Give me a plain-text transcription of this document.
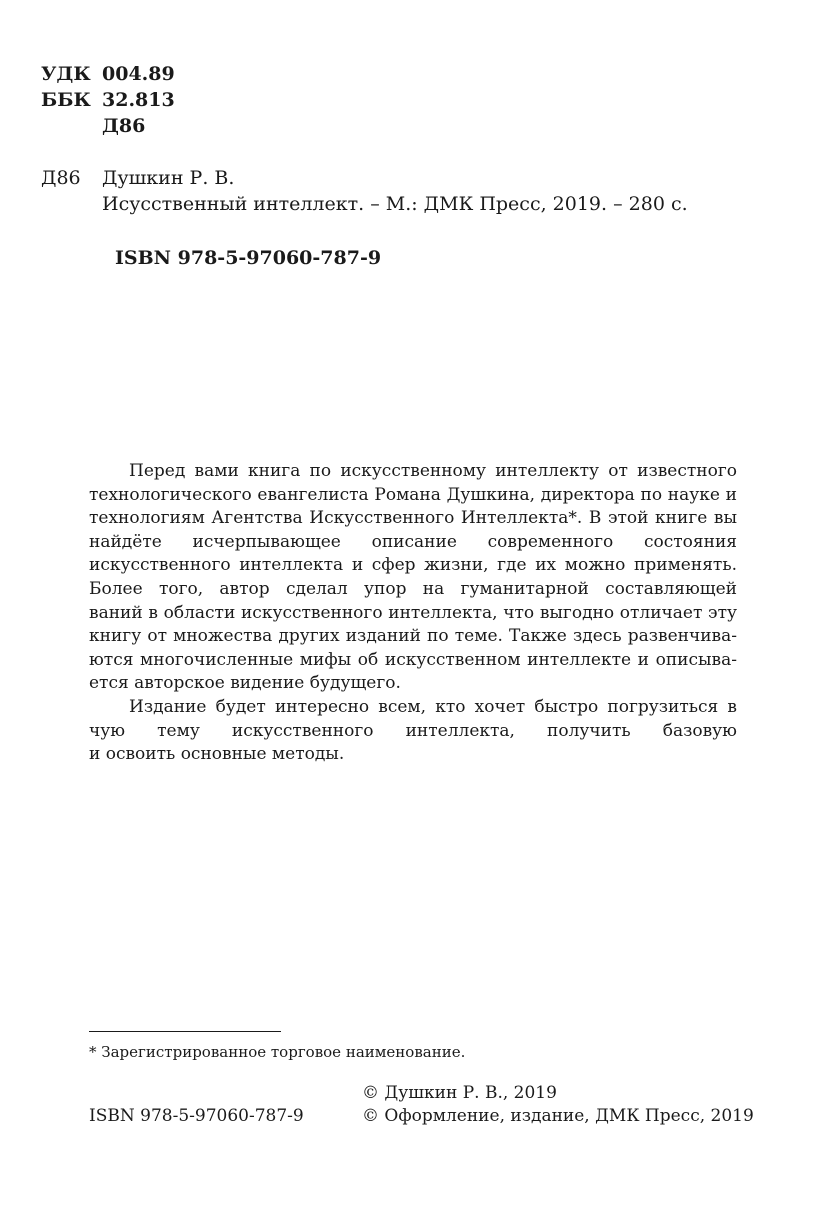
УДК 004.89
ББК 32.813
Д86
Д86 Душкин Р. В.
Исусственный интеллект. – М.: ДМК Пресс, 2019. – 280 с.
ISBN 978-5-97060-787-9
Перед вами книга по искусственному интеллекту от известного
технологического евангелиста Романа Душкина, директора по науке и
технологиям Агентства Искусственного Интеллекта*. В этой книге вы
найдёте исчерпывающее описание современного состояния
искусственного интеллекта и сфер жизни, где их можно применять.
Более того, автор сделал упор на гуманитарной составляющей
ваний в области искусственного интеллекта, что выгодно отличает эту
книгу от множества других изданий по теме. Также здесь развенчива-
ются многочисленные мифы об искусственном интеллекте и описыва-
ется авторское видение будущего.
Издание будет интересно всем, кто хочет быстро погрузиться в
чую тему искусственного интеллекта, получить базовую
и освоить основные методы.
* Зарегистрированное торговое наименование.
© Душкин Р. В., 2019
ISBN 978-5-97060-787-9	© Оформление, издание, ДМК Пресс, 2019
